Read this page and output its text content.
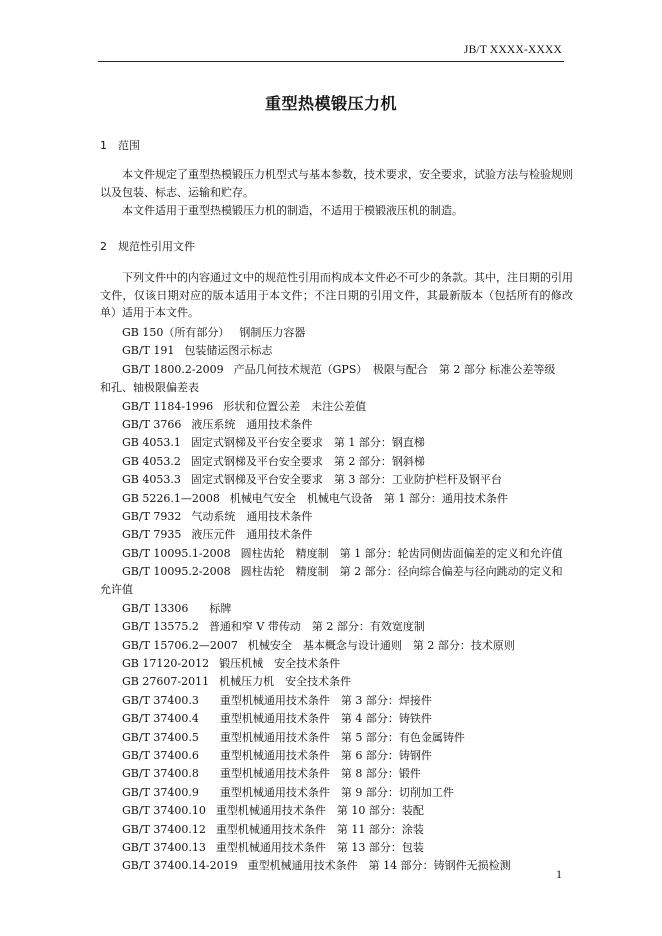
JB/T XXXX-XXXX
重型热模锻压力机
1 范围
本文件规定了重型热模锻压力机型式与基本参数，技术要求，安全要求，试验方法与检验规则以及包装、标志、运输和贮存。
本文件适用于重型热模锻压力机的制造，不适用于模锻液压机的制造。
2 规范性引用文件
下列文件中的内容通过文中的规范性引用而构成本文件必不可少的条款。其中，注日期的引用文件，仅该日期对应的版本适用于本文件；不注日期的引用文件，其最新版本（包括所有的修改单）适用于本文件。
GB 150（所有部分） 钢制压力容器
GB/T 191 包装储运图示标志
GB/T 1800.2-2009 产品几何技术规范（GPS）　极限与配合　第 2 部分 标准公差等级
和孔、轴极限偏差表
GB/T 1184-1996 形状和位置公差　未注公差值
GB/T 3766 液压系统　通用技术条件
GB 4053.1 固定式钢梯及平台安全要求　第 1 部分：钢直梯
GB 4053.2 固定式钢梯及平台安全要求　第 2 部分：钢斜梯
GB 4053.3 固定式钢梯及平台安全要求　第 3 部分：工业防护栏杆及钢平台
GB 5226.1—2008 机械电气安全　机械电气设备　第 1 部分：通用技术条件
GB/T 7932 气动系统　通用技术条件
GB/T 7935 液压元件　通用技术条件
GB/T 10095.1-2008 圆柱齿轮　精度制　第 1 部分：轮齿同侧齿面偏差的定义和允许值
GB/T 10095.2-2008 圆柱齿轮　精度制　第 2 部分：径向综合偏差与径向跳动的定义和
允许值
GB/T 13306　标牌
GB/T 13575.2 普通和窄 V 带传动　第 2 部分：有效宽度制
GB/T 15706.2—2007 机械安全　基本概念与设计通则　第 2 部分：技术原则
GB 17120-2012 锻压机械　安全技术条件
GB 27607-2011 机械压力机　安全技术条件
GB/T 37400.3　重型机械通用技术条件　第 3 部分：焊接件
GB/T 37400.4　重型机械通用技术条件　第 4 部分：铸铁件
GB/T 37400.5　重型机械通用技术条件　第 5 部分：有色金属铸件
GB/T 37400.6　重型机械通用技术条件　第 6 部分：铸钢件
GB/T 37400.8　重型机械通用技术条件　第 8 部分：锻件
GB/T 37400.9　重型机械通用技术条件　第 9 部分：切削加工件
GB/T 37400.10 重型机械通用技术条件　第 10 部分：装配
GB/T 37400.12 重型机械通用技术条件　第 11 部分：涂装
GB/T 37400.13 重型机械通用技术条件　第 13 部分：包装
GB/T 37400.14-2019 重型机械通用技术条件　第 14 部分：铸钢件无损检测
1
